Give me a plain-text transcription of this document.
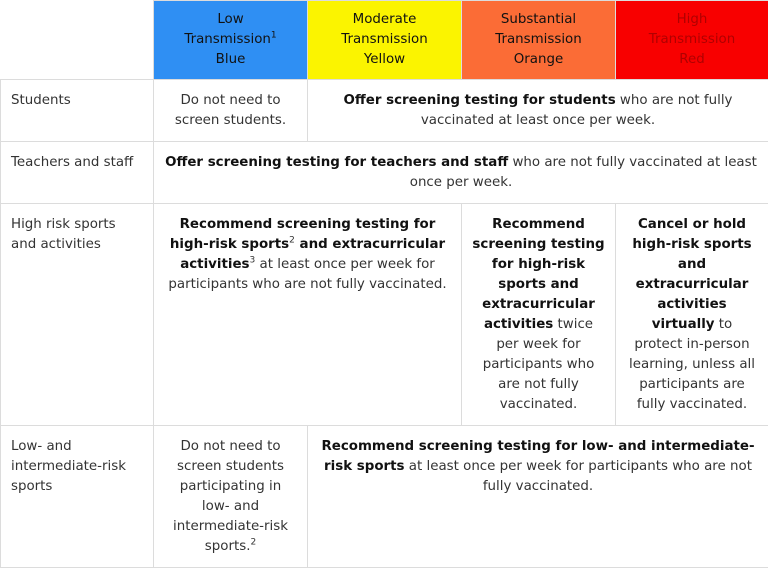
	Low
Transmission$^1$
Blue	Moderate
Transmission
Yellow	Substantial
Transmission
Orange	High
Transmission
Red

Students	Do not need to screen students.	Offer screening testing for students who are not fully vaccinated at least once per week.		
Teachers and staff	Offer screening testing for teachers and staff who are not fully vaccinated at least once per week.			
High risk sports and activities	Recommend screening testing for high-risk sports$^2$ and extracurricular activities$^3$ at least once per week for participants who are not fully vaccinated.		Recommend screening testing for high-risk sports and extracurricular activities twice per week for participants who are not fully vaccinated.	Cancel or hold high-risk sports and extracurricular activities virtually to protect in-person learning, unless all participants are fully vaccinated.
Low- and intermediate-risk sports	Do not need to screen students participating in low- and intermediate-risk sports.$^2$	Recommend screening testing for low- and intermediate-risk sports at least once per week for participants who are not fully vaccinated.		
